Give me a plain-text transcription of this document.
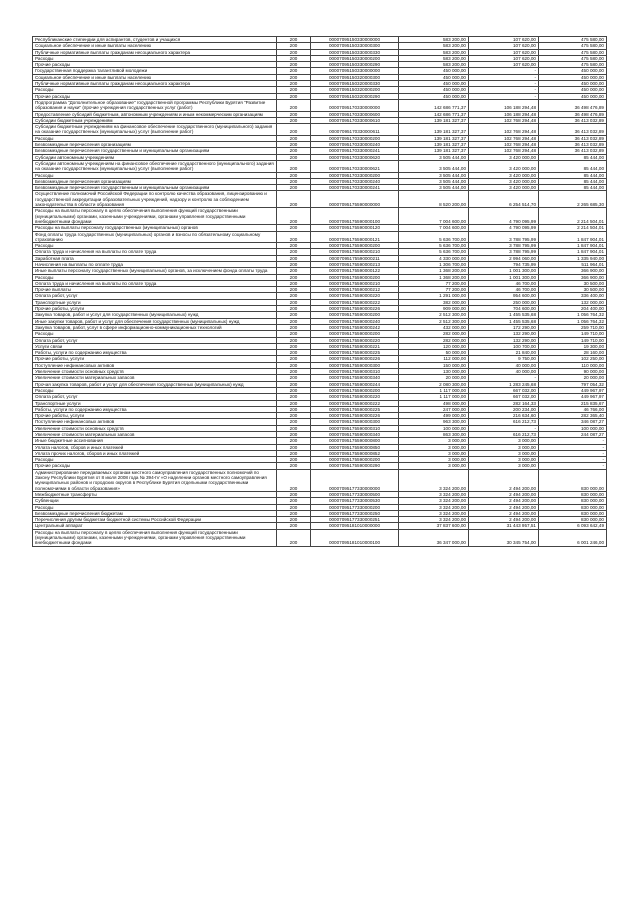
Республиканские стипендии для аспирантов, студентов и учащихся	200	00007095150330000000	583 200,00	107 620,00	475 580,00
Социальное обеспечение и иные выплаты населению	200	00007095150330000300	583 200,00	107 620,00	475 580,00
Публичные нормативные выплаты гражданам несоциального характера	200	00007095150330000330	583 200,00	107 620,00	475 580,00
Расходы	200	00007095150330000200	583 200,00	107 620,00	475 580,00
Прочие расходы	200	00007095150330000290	583 200,00	107 620,00	475 580,00
Государственная поддержка талантливой молодежи	200	00007095150330000000	450 000,00	-	450 000,00
Социальное обеспечение и иные выплаты населению	200	00007095150320000300	450 000,00	-	450 000,00
Публичные нормативные выплаты гражданам несоциального характера	200	00007095150320000330	450 000,00	-	450 000,00
Расходы	200	00007095150320000200	450 000,00	-	450 000,00
Прочие расходы	200	00007095150320000290	450 000,00	-	450 000,00
Подпрограмма "Дополнительное образование" государственной программы Республики Бурятия "Развитие образования и науки" (прочие учреждения государственных услуг (работ)	200	00007095170330000000	142 686 771,37	106 188 294,48	36 498 476,89
Предоставление субсидий бюджетным, автономным учреждениям и иным некоммерческим организациям	200	00007095170330000600	142 686 771,37	106 188 294,48	36 498 476,89
Субсидии бюджетным учреждениям	200	00007095170330000610	139 181 327,37	102 768 294,48	36 413 032,89
Субсидии бюджетным учреждениям на финансовое обеспечение государственного (муниципального) задания на оказание государственных (муниципальных) услуг (выполнение работ)	200	00007095170330000611	139 181 327,37	102 768 294,48	36 413 032,89
Расходы	200	00007095170330000200	139 181 327,37	102 768 294,48	36 413 032,89
Безвозмездные перечисления организациям	200	00007095170330000240	139 181 327,37	102 768 294,48	36 413 032,89
Безвозмездные перечисления государственным и муниципальным организациям	200	00007095170330000241	139 181 327,37	102 768 294,48	36 413 032,89
Субсидии автономным учреждениям	200	00007095170330000620	3 505 444,00	3 420 000,00	85 444,00
Субсидии автономным учреждениям на финансовое обеспечение государственного (муниципального) задания на оказание государственных (муниципальных) услуг (выполнение работ)	200	00007095170330000621	3 505 444,00	3 420 000,00	85 444,00
Расходы	200	00007095170330000200	3 505 444,00	3 420 000,00	85 444,00
Безвозмездные перечисления организациям	200	00007095170330000240	3 505 444,00	3 420 000,00	85 444,00
Безвозмездные перечисления государственным и муниципальным организациям	200	00007095170330000241	3 505 444,00	3 420 000,00	85 444,00
Осуществление полномочий Российской Федерации по контролю качества образования, лицензированию и государственной аккредитации образовательных учреждений, надзору и контролю за соблюдением законодательства в области образования	200	00007095175590000000	8 520 200,00	6 254 514,70	2 265 685,30
Расходы на выплаты персоналу в целях обеспечения выполнения функций государственными (муниципальными) органами, казенными учреждениями, органами управления государственными внебюджетными фондами	200	00007095175590000100	7 004 600,00	4 790 095,99	2 214 504,01
Расходы на выплаты персоналу государственных (муниципальных) органов	200	00007095175590000120	7 004 600,00	4 790 095,99	2 214 504,01
Фонд оплаты труда государственных (муниципальных) органов и взносы по обязательному социальному страхованию	200	00007095175590000121	5 636 700,00	3 788 795,99	1 847 904,01
Расходы	200	00007095175590000200	5 636 700,00	3 788 795,99	1 847 904,01
Оплата труда и начисления на выплаты по оплате труда	200	00007095175590000210	5 636 700,00	3 788 795,99	1 847 904,01
Заработная плата	200	00007095175590000211	4 330 000,00	2 994 060,00	1 335 940,00
Начисления на выплаты по оплате труда	200	00007095175590000213	1 306 700,00	794 735,99	511 964,01
Иные выплаты персоналу государственных (муниципальных) органов, за исключением фонда оплаты труда	200	00007095175590000122	1 368 200,00	1 001 300,00	366 900,00
Расходы	200	00007095175590000200	1 368 200,00	1 001 300,00	366 900,00
Оплата труда и начисления на выплаты по оплате труда	200	00007095175590000210	77 200,00	46 700,00	30 500,00
Прочие выплаты	200	00007095175590000212	77 200,00	46 700,00	30 500,00
Оплата работ, услуг	200	00007095175590000220	1 291 000,00	954 600,00	336 400,00
Транспортные услуги	200	00007095175590000222	382 000,00	250 000,00	132 000,00
Прочие работы, услуги	200	00007095175590000226	909 000,00	704 600,00	204 400,00
Закупка товаров, работ и услуг для государственных (муниципальных) нужд	200	00007095175590000200	2 512 300,00	1 455 535,68	1 056 764,32
Иные закупки товаров, работ и услуг для обеспечения государственных (муниципальных) нужд	200	00007095175590000240	2 512 300,00	1 455 535,68	1 056 764,32
Закупка товаров, работ, услуг в сфере информационно-коммуникационных технологий	200	00007095175590000242	432 000,00	172 290,00	259 710,00
Расходы	200	00007095175590000200	282 000,00	132 290,00	149 710,00
Оплата работ, услуг	200	00007095175590000220	282 000,00	132 290,00	149 710,00
Услуги связи	200	00007095175590000221	120 000,00	100 700,00	19 300,00
Работы, услуги по содержанию имущества	200	00007095175590000225	50 000,00	21 840,00	28 160,00
Прочие работы, услуги	200	00007095175590000226	112 000,00	9 750,00	102 250,00
Поступление нефинансовых активов	200	00007095175590000300	150 000,00	40 000,00	110 000,00
Увеличение стоимости основных средств	200	00007095175590000310	130 000,00	40 000,00	90 000,00
Увеличение стоимости материальных запасов	200	00007095175590000340	20 000,00	-	20 000,00
Прочая закупка товаров, работ и услуг для обеспечения государственных (муниципальных) нужд	200	00007095175590000244	2 080 300,00	1 283 245,68	797 054,32
Расходы	200	00007095175590000200	1 117 000,00	667 032,00	449 967,97
Оплата работ, услуг	200	00007095175590000220	1 117 000,00	667 032,00	449 967,97
Транспортные услуги	200	00007095175590000222	498 000,00	282 164,33	215 835,67
Работы, услуги по содержанию имущества	200	00007095175590000225	247 000,00	200 234,00	46 766,00
Прочие работы, услуги	200	00007095175590000226	499 000,00	216 634,60	282 365,40
Поступление нефинансовых активов	200	00007095175590000300	963 300,00	616 212,73	346 087,27
Увеличение стоимости основных средств	200	00007095175590000310	100 000,00	-	100 000,00
Увеличение стоимости материальных запасов	200	00007095175590000340	863 300,00	616 212,73	244 087,27
Иные бюджетные ассигнования	200	00007095175590000800	3 000,00	3 000,00	-
Уплата налогов, сборов и иных платежей	200	00007095175590000850	3 000,00	3 000,00	-
Уплата прочих налогов, сборов и иных платежей	200	00007095175590000852	3 000,00	3 000,00	-
Расходы	200	00007095175590000200	3 000,00	3 000,00	-
Прочие расходы	200	00007095175590000290	3 000,00	3 000,00	-
Администрирование передаваемых органам местного самоуправления государственных полномочий по Закону Республики Бурятия от 8 июля 2008 года № 394-IV «О наделении органов местного самоуправления муниципальных районов и городских округов в Республике Бурятия отдельными государственными полномочиями в области образования»	200	00007095177330000000	3 324 200,00	2 494 200,00	830 000,00
Межбюджетные трансферты	200	00007095177330000500	3 324 200,00	2 494 200,00	830 000,00
Субвенции	200	00007095177330000530	3 324 200,00	2 494 200,00	830 000,00
Расходы	200	00007095177330000200	3 324 200,00	2 494 200,00	830 000,00
Безвозмездные перечисления бюджетам	200	00007095177330000250	3 324 200,00	2 494 200,00	830 000,00
Перечисления другим бюджетам бюджетной системы Российской Федерации	200	00007095177330000251	3 324 200,00	2 494 200,00	830 000,00
Центральный аппарат	200	00007095181010000000	37 837 600,00	31 443 957,51	6 093 642,49
Расходы на выплаты персоналу в целях обеспечения выполнения функций государственными (муниципальными) органами, казенными учреждениями, органами управления государственными внебюджетными фондами	200	00007095181010000100	36 347 000,00	30 345 754,00	6 001 246,00
